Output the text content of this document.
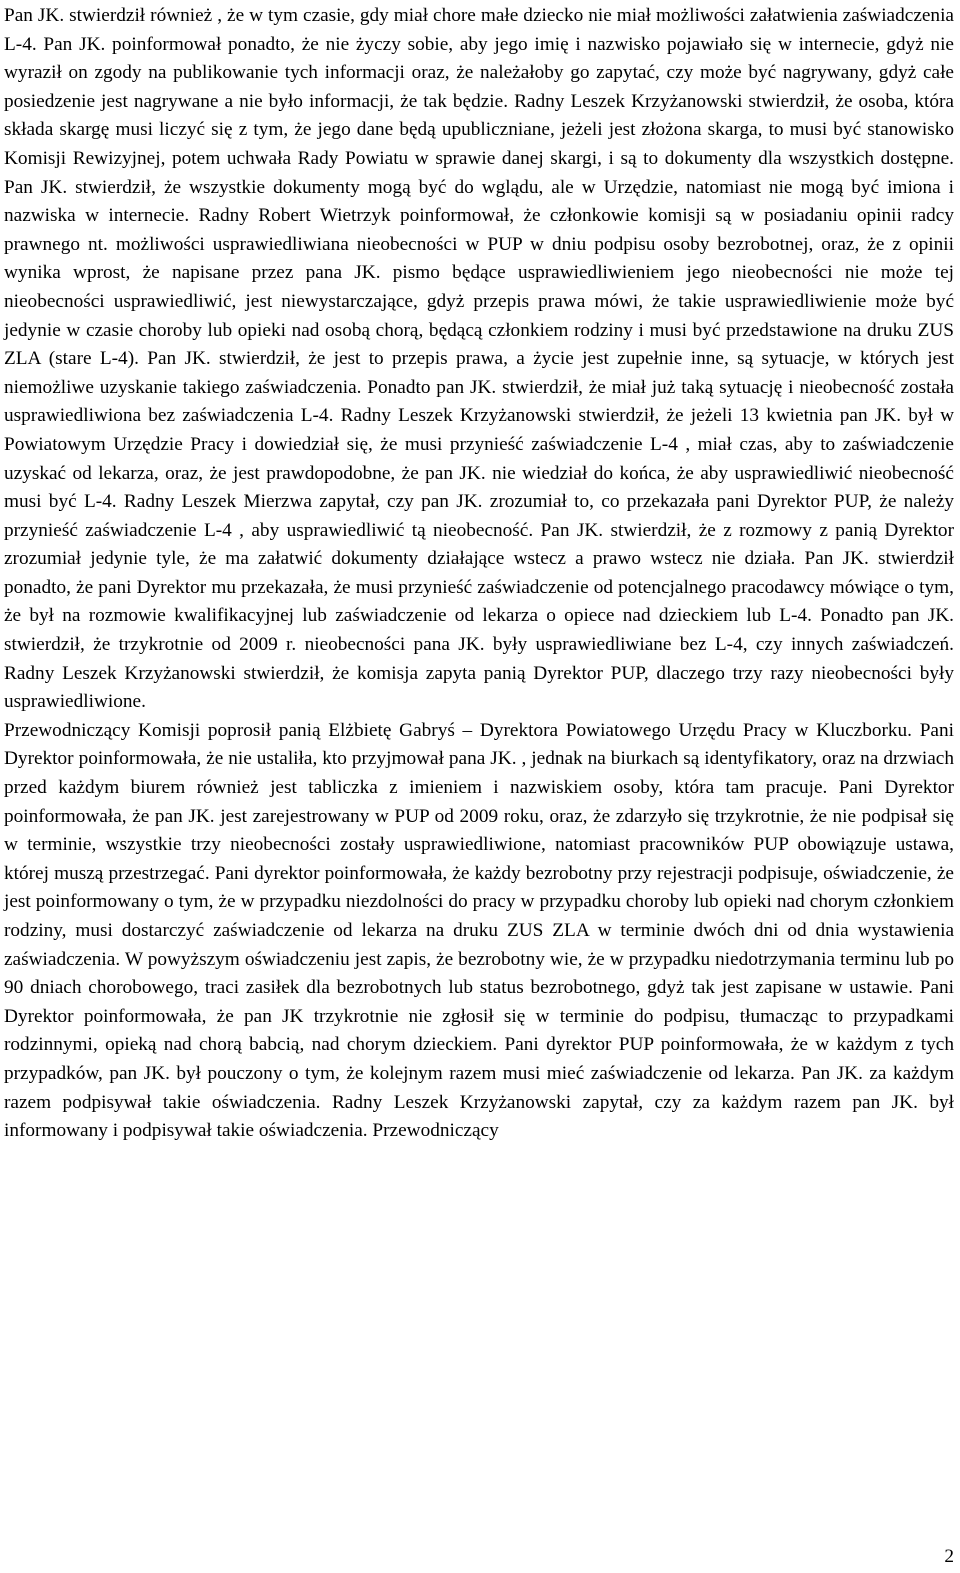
Pan JK. stwierdził również , że w tym czasie, gdy miał chore małe dziecko nie miał możliwości załatwienia zaświadczenia L-4. Pan JK. poinformował ponadto, że nie życzy sobie, aby jego imię i nazwisko pojawiało się w internecie, gdyż nie wyraził on zgody na publikowanie tych informacji oraz, że należałoby go zapytać, czy może być nagrywany, gdyż całe posiedzenie jest nagrywane a nie było informacji, że tak będzie. Radny Leszek Krzyżanowski stwierdził, że osoba, która składa skargę musi liczyć się z tym, że jego dane będą upubliczniane, jeżeli jest złożona skarga, to musi być stanowisko Komisji Rewizyjnej, potem uchwała Rady Powiatu w sprawie danej skargi, i są to dokumenty dla wszystkich dostępne. Pan JK. stwierdził, że wszystkie dokumenty mogą być do wglądu, ale w Urzędzie, natomiast nie mogą być imiona i nazwiska w internecie. Radny Robert Wietrzyk poinformował, że członkowie komisji są w posiadaniu opinii radcy prawnego nt. możliwości usprawiedliwiana nieobecności w PUP w dniu podpisu osoby bezrobotnej, oraz, że z opinii wynika wprost, że napisane przez pana JK. pismo będące usprawiedliwieniem jego nieobecności nie może tej nieobecności usprawiedliwić, jest niewystarczające, gdyż przepis prawa mówi, że takie usprawiedliwienie może być jedynie w czasie choroby lub opieki nad osobą chorą, będącą członkiem rodziny i musi być przedstawione na druku ZUS ZLA (stare L-4). Pan JK. stwierdził, że jest to przepis prawa, a życie jest zupełnie inne, są sytuacje, w których jest niemożliwe uzyskanie takiego zaświadczenia. Ponadto pan JK. stwierdził, że miał już taką sytuację i nieobecność została usprawiedliwiona bez zaświadczenia L-4. Radny Leszek Krzyżanowski stwierdził, że jeżeli 13 kwietnia pan JK. był w Powiatowym Urzędzie Pracy i dowiedział się, że musi przynieść zaświadczenie L-4 , miał czas, aby to zaświadczenie uzyskać od lekarza, oraz, że jest prawdopodobne, że pan JK. nie wiedział do końca, że aby usprawiedliwić nieobecność musi być L-4. Radny Leszek Mierzwa zapytał, czy pan JK. zrozumiał to, co przekazała pani Dyrektor PUP, że należy przynieść zaświadczenie L-4 , aby usprawiedliwić tą nieobecność. Pan JK. stwierdził, że z rozmowy z panią Dyrektor zrozumiał jedynie tyle, że ma załatwić dokumenty działające wstecz a prawo wstecz nie działa. Pan JK. stwierdził ponadto, że pani Dyrektor mu przekazała, że musi przynieść zaświadczenie od potencjalnego pracodawcy mówiące o tym, że był na rozmowie kwalifikacyjnej lub zaświadczenie od lekarza o opiece nad dzieckiem lub L-4. Ponadto pan JK. stwierdził, że trzykrotnie od 2009 r. nieobecności pana JK. były usprawiedliwiane bez L-4, czy innych zaświadczeń. Radny Leszek Krzyżanowski stwierdził, że komisja zapyta panią Dyrektor PUP, dlaczego trzy razy nieobecności były usprawiedliwione.

Przewodniczący Komisji poprosił panią Elżbietę Gabryś – Dyrektora Powiatowego Urzędu Pracy w Kluczborku. Pani Dyrektor poinformowała, że nie ustaliła, kto przyjmował pana JK. , jednak na biurkach są identyfikatory, oraz na drzwiach przed każdym biurem również jest tabliczka z imieniem i nazwiskiem osoby, która tam pracuje. Pani Dyrektor poinformowała, że pan JK. jest zarejestrowany w PUP od 2009 roku, oraz, że zdarzyło się trzykrotnie, że nie podpisał się w terminie, wszystkie trzy nieobecności zostały usprawiedliwione, natomiast pracowników PUP obowiązuje ustawa, której muszą przestrzegać. Pani dyrektor poinformowała, że każdy bezrobotny przy rejestracji podpisuje, oświadczenie, że jest poinformowany o tym, że w przypadku niezdolności do pracy w przypadku choroby lub opieki nad chorym członkiem rodziny, musi dostarczyć zaświadczenie od lekarza na druku ZUS ZLA w terminie dwóch dni od dnia wystawienia zaświadczenia. W powyższym oświadczeniu jest zapis, że bezrobotny wie, że w przypadku niedotrzymania terminu lub po 90 dniach chorobowego, traci zasiłek dla bezrobotnych lub status bezrobotnego, gdyż tak jest zapisane w ustawie. Pani Dyrektor poinformowała, że pan JK trzykrotnie nie zgłosił się w terminie do podpisu, tłumacząc to przypadkami rodzinnymi, opieką nad chorą babcią, nad chorym dzieckiem. Pani dyrektor PUP poinformowała, że w każdym z tych przypadków, pan JK. był pouczony o tym, że kolejnym razem musi mieć zaświadczenie od lekarza. Pan JK. za każdym razem podpisywał takie oświadczenia. Radny Leszek Krzyżanowski zapytał, czy za każdym razem pan JK. był informowany i podpisywał takie oświadczenia. Przewodniczący

2
